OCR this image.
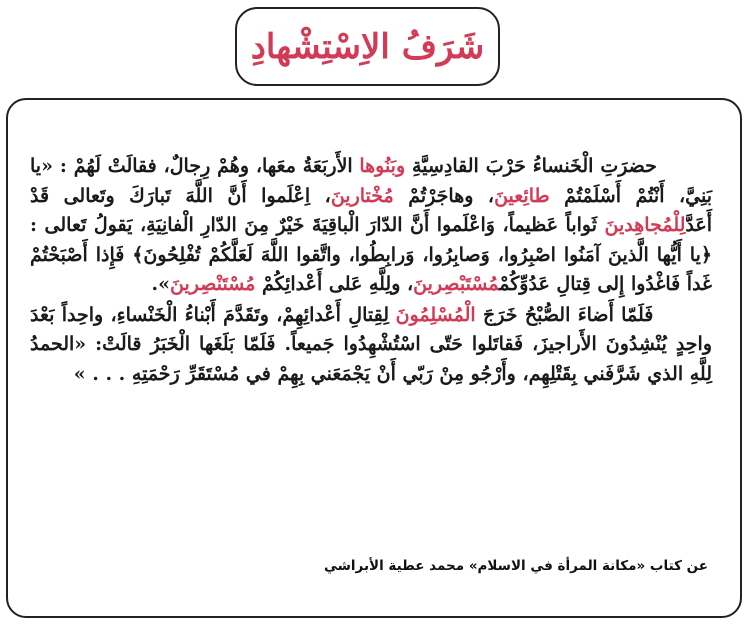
شَرَفُ الاِسْتِشْهادِ
حضرَتِ الْخَنساءُ حَرْبَ القادِسِيَّةِ وبَنُوها الأَربَعَةُ معَها، وهُمْ رِجالٌ، فقالَتْ لَهُمْ : «يا بَنِيَّ، أَنْتُمْ أَسْلَمْتُمْ طائِعينَ، وهاجَرْتُمْ مُخْتارينَ، اِعْلَموا أَنَّ اللَّهَ تَبارَكَ وتَعالى قَدْ أَعَدَّلِلْمُجاهِدينَ ثَواباً عَظيماً، وَاعْلَموا أَنَّ الدّارَ الْباقِيَةَ خَيْرٌ مِنَ الدّارِ الْفانِيَةِ، يَقولُ تَعالى : ﴿يا أَيُّها الَّذينَ آمَنُوا اصْبِرُوا، وَصابِرُوا، وَرابِطُوا، واتَّقوا اللَّهَ لَعَلَّكُمْ تُفْلِحُونَ﴾ فَإِذا أَصْبَحْتُمْ غَداً فَاغْدُوا إِلى قِتالِ عَدُوِّكُمْمُسْتَبْصِرينَ، ولِلَّهِ عَلى أَعْدائِكُمْ مُسْتَنْصِرينَ».
فَلَمّا أَضاءَ الصُّبْحُ خَرَجَ الْمُسْلِمُونَ لِقِتالِ أَعْدائِهِمْ، وتَقَدَّمَ أَبْناءُ الْخَنْساءِ، واحِداً بَعْدَ واحِدٍ يُنْشِدُونَ الأَراجيزَ، فَقاتَلوا حَتّى اسْتُشْهِدُوا جَميعاً. فَلَمّا بَلَغَها الْخَبَرُ قالَتْ: «الحمدُ لِلَّهِ الذي شَرَّفَني بِقَتْلِهِم، وأَرْجُو مِنْ رَبّي أَنْ يَجْمَعَني بِهِمْ في مُسْتَقَرِّ رَحْمَتِهِ . . . »
عن كتاب «مكانة المرأة في الاسلام» محمد عطية الأبراشي
